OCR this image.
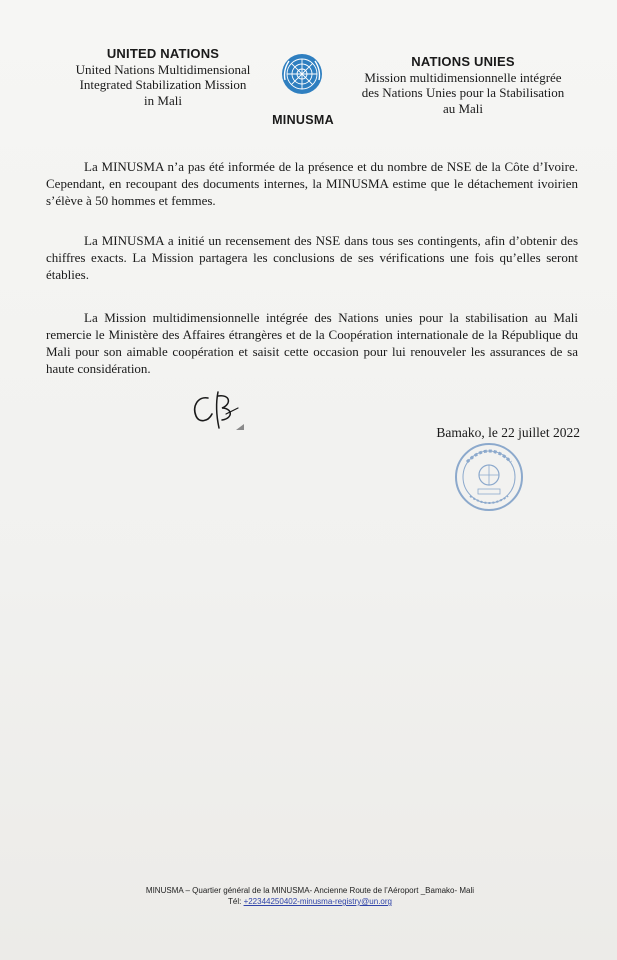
UNITED NATIONS
United Nations Multidimensional
Integrated Stabilization Mission
in Mali
MINUSMA
NATIONS UNIES
Mission multidimensionnelle intégrée
des Nations Unies pour la Stabilisation
au Mali

La MINUSMA n’a pas été informée de la présence et du nombre de NSE de la Côte d’Ivoire. Cependant, en recoupant des documents internes, la MINUSMA estime que le détachement ivoirien s’élève à 50 hommes et femmes.

La MINUSMA a initié un recensement des NSE dans tous ses contingents, afin d’obtenir des chiffres exacts. La Mission partagera les conclusions de ses vérifications une fois qu’elles seront établies.

La Mission multidimensionnelle intégrée des Nations unies pour la stabilisation au Mali remercie le Ministère des Affaires étrangères et de la Coopération internationale de la République du Mali pour son aimable coopération et saisit cette occasion pour lui renouveler les assurances de sa haute considération.

Bamako, le 22 juillet 2022
MINUSMA – Quartier général de la MINUSMA- Ancienne Route de l’Aéroport _Bamako- Mali
Tél: +22344250402-minusma-registry@un.org
